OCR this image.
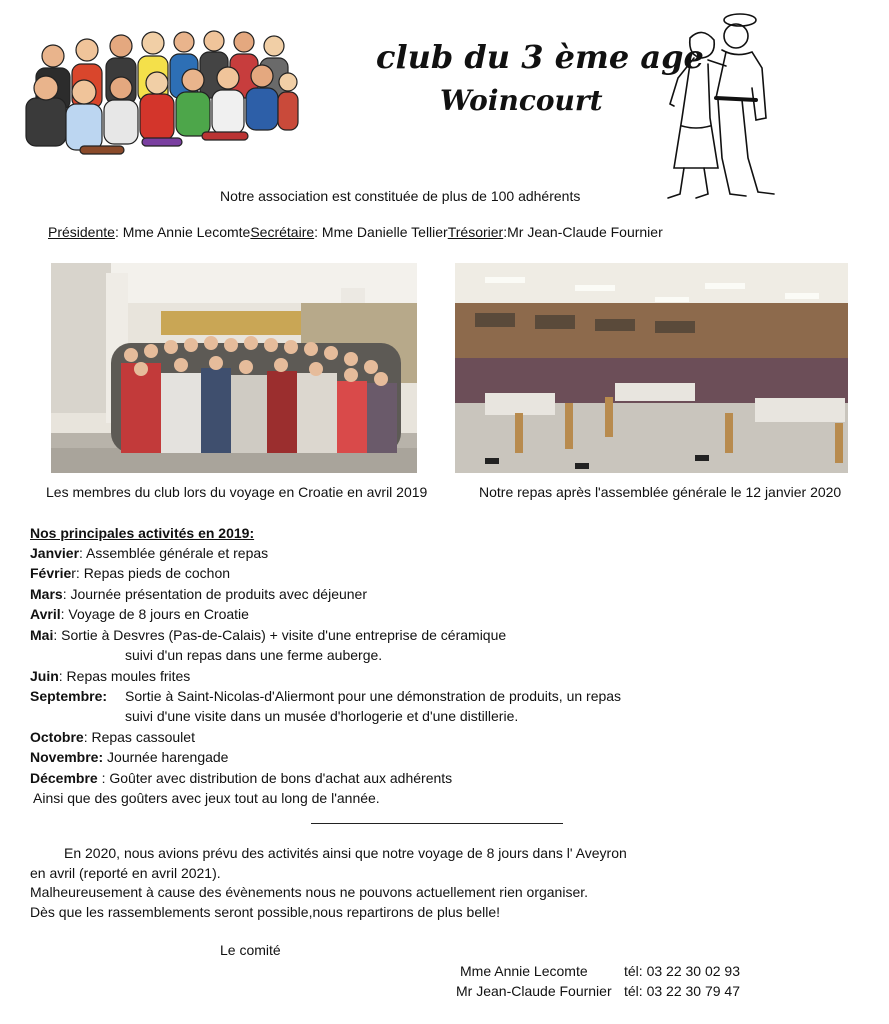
club du 3 ème age
Woincourt
Notre association est constituée de plus de 100 adhérents
Présidente: Mme Annie LecomteSecrétaire: Mme Danielle TellierTrésorier:Mr Jean-Claude Fournier
Les membres du club lors du voyage en Croatie en avril 2019	Notre repas après l'assemblée générale le 12 janvier 2020
Nos principales activités en 2019:
Janvier: Assemblée générale et repas
Février: Repas pieds de cochon
Mars: Journée présentation de produits avec déjeuner
Avril: Voyage de 8 jours en Croatie
Mai: Sortie à Desvres (Pas-de-Calais) + visite d'une entreprise de céramique
suivi d'un repas dans une ferme auberge.
Juin: Repas moules frites
Septembre: Sortie à Saint-Nicolas-d'Aliermont pour une démonstration de produits, un repas
suivi d'une visite dans un musée d'horlogerie et d'une distillerie.
Octobre: Repas cassoulet
Novembre: Journée harengade
Décembre : Goûter avec distribution de bons d'achat aux adhérents
Ainsi que des goûters avec jeux tout au long de l'année.
En 2020, nous avions prévu des activités ainsi que notre voyage de 8 jours dans l' Aveyron
en avril (reporté en avril 2021).
Malheureusement à cause des évènements nous ne pouvons actuellement rien organiser.
Dès que les rassemblements seront possible,nous repartirons de plus belle!
Le comité
Mme Annie Lecomte	tél: 03 22 30 02 93
Mr Jean-Claude Fournier tél: 03 22 30 79 47
